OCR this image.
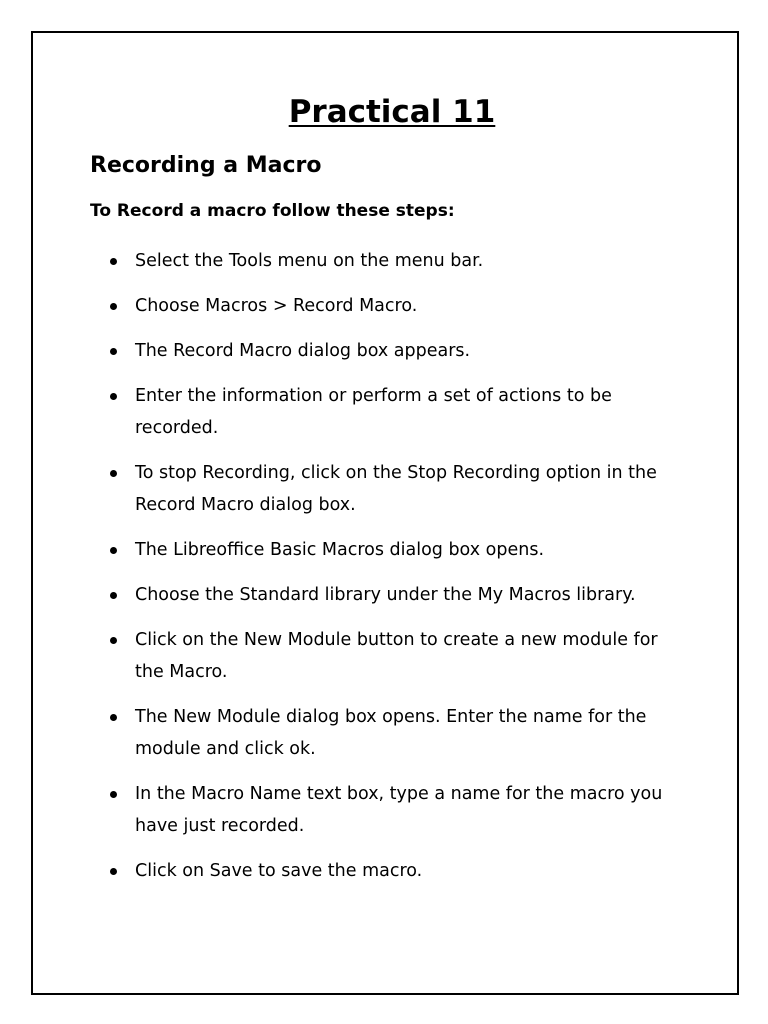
Practical 11
Recording a Macro

To Record a macro follow these steps:

Select the Tools menu on the menu bar.
Choose Macros > Record Macro.
The Record Macro dialog box appears.
Enter the information or perform a set of actions to be recorded.
To stop Recording, click on the Stop Recording option in the Record Macro dialog box.
The Libreoffice Basic Macros dialog box opens.
Choose the Standard library under the My Macros library.
Click on the New Module button to create a new module for the Macro.
The New Module dialog box opens. Enter the name for the module and click ok.
In the Macro Name text box, type a name for the macro you have just recorded.
Click on Save to save the macro.
